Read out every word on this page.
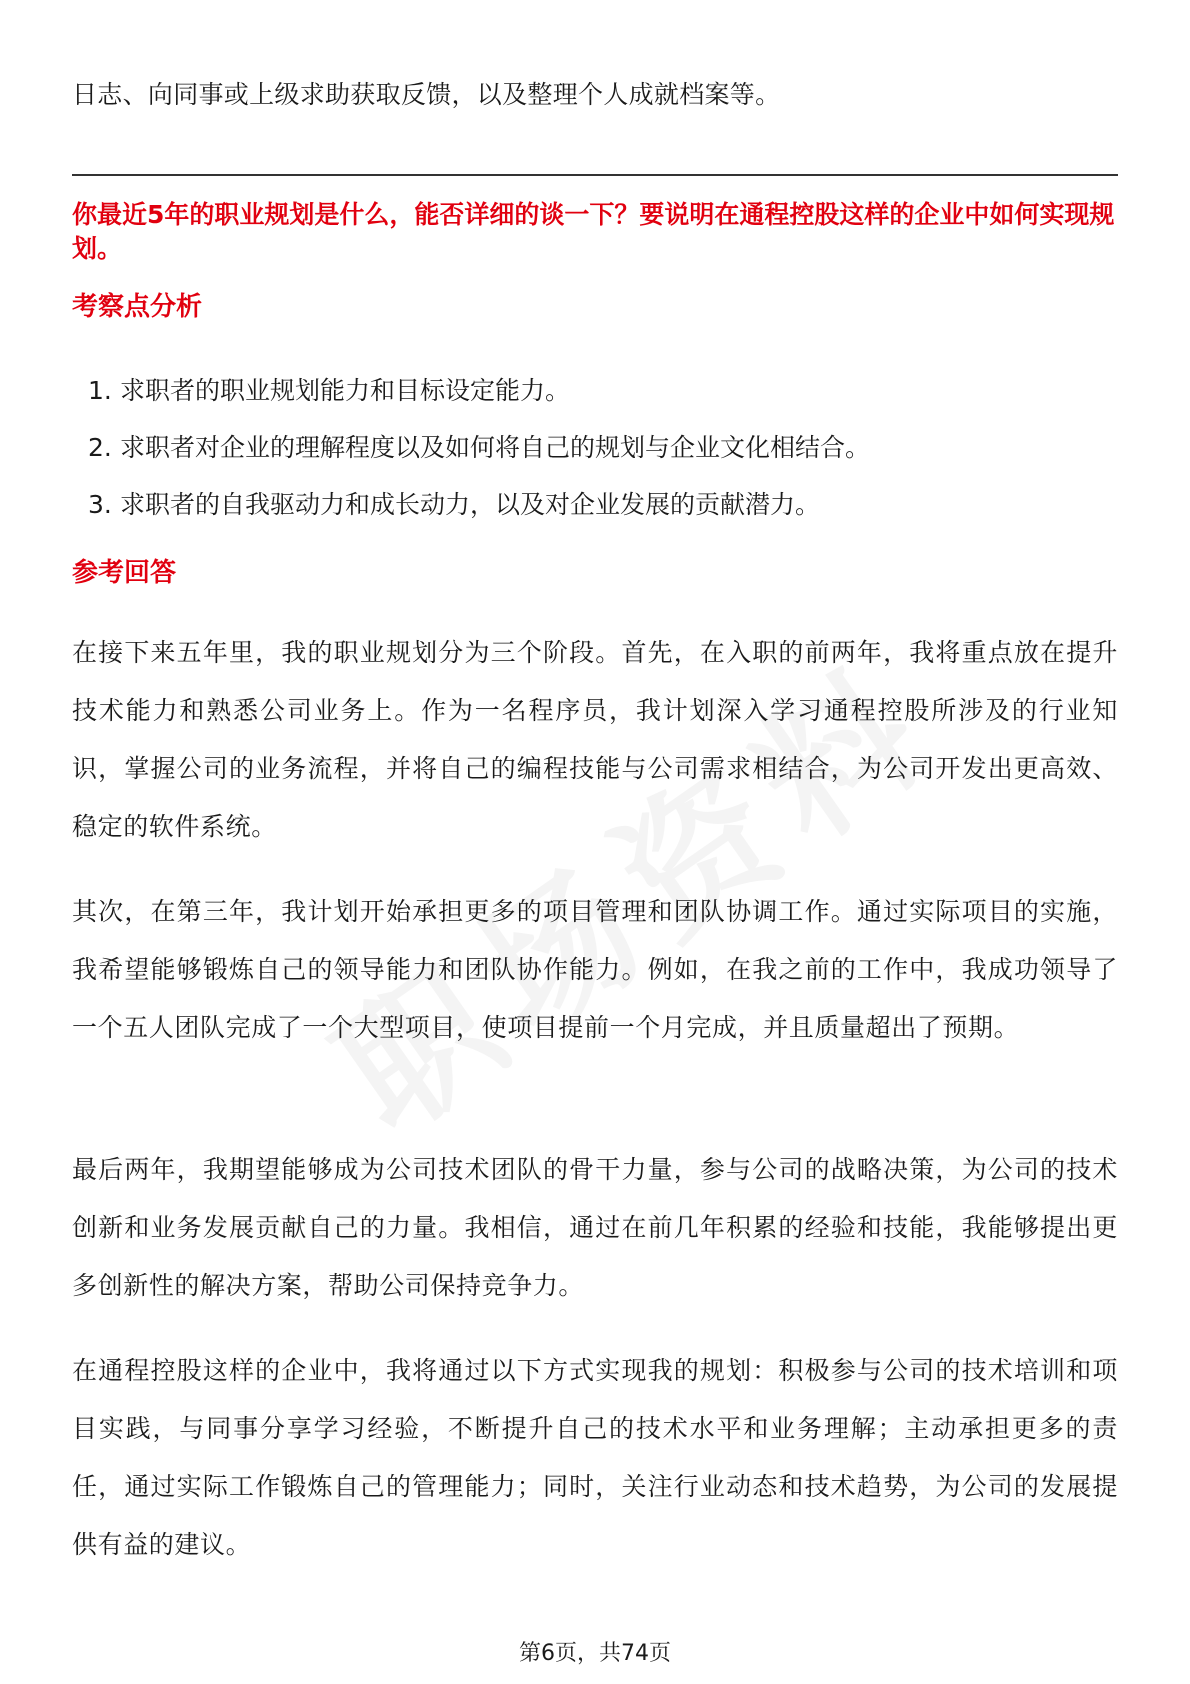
日志、向同事或上级求助获取反馈，以及整理个人成就档案等。

你最近5年的职业规划是什么，能否详细的谈一下？要说明在通程控股这样的企业中如何实现规划。

考察点分析
1. 求职者的职业规划能力和目标设定能力。
2. 求职者对企业的理解程度以及如何将自己的规划与企业文化相结合。
3. 求职者的自我驱动力和成长动力，以及对企业发展的贡献潜力。
参考回答

在接下来五年里，我的职业规划分为三个阶段。首先，在入职的前两年，我将重点放在提升技术能力和熟悉公司业务上。作为一名程序员，我计划深入学习通程控股所涉及的行业知识，掌握公司的业务流程，并将自己的编程技能与公司需求相结合，为公司开发出更高效、稳定的软件系统。

其次，在第三年，我计划开始承担更多的项目管理和团队协调工作。通过实际项目的实施，我希望能够锻炼自己的领导能力和团队协作能力。例如，在我之前的工作中，我成功领导了一个五人团队完成了一个大型项目，使项目提前一个月完成，并且质量超出了预期。

最后两年，我期望能够成为公司技术团队的骨干力量，参与公司的战略决策，为公司的技术创新和业务发展贡献自己的力量。我相信，通过在前几年积累的经验和技能，我能够提出更多创新性的解决方案，帮助公司保持竞争力。

在通程控股这样的企业中，我将通过以下方式实现我的规划：积极参与公司的技术培训和项目实践，与同事分享学习经验，不断提升自己的技术水平和业务理解；主动承担更多的责任，通过实际工作锻炼自己的管理能力；同时，关注行业动态和技术趋势，为公司的发展提供有益的建议。

第6页，共74页
